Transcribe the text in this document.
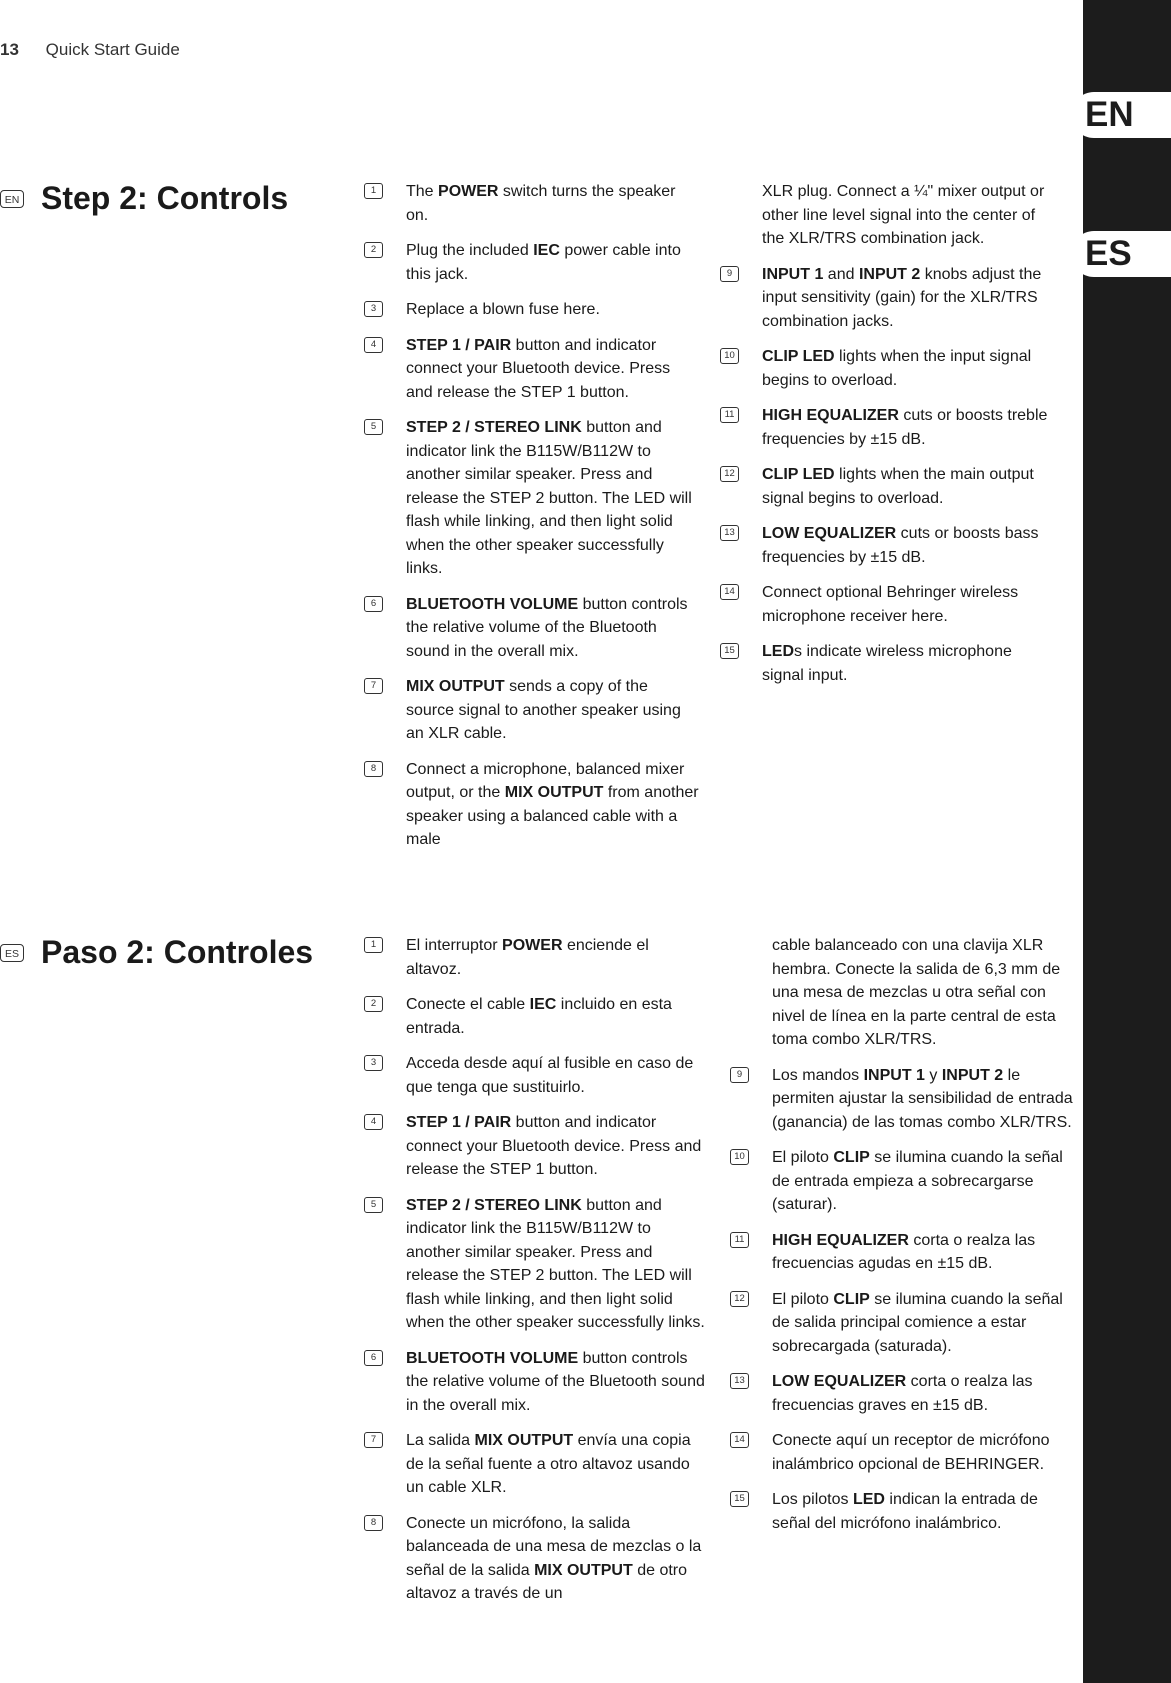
13 Quick Start Guide
EN
ES
EN Step 2: Controls	1	The POWER switch turns the speaker on.
2	Plug the included IEC power cable into this jack.
3	Replace a blown fuse here.
4	STEP 1 / PAIR button and indicator connect your Bluetooth device. Press and release the STEP 1 button.
5	STEP 2 / STEREO LINK button and indicator link the B115W/B112W to another similar speaker. Press and release the STEP 2 button. The LED will flash while linking, and then light solid when the other speaker successfully links.
6	BLUETOOTH VOLUME button controls the relative volume of the Bluetooth sound in the overall mix.
7	MIX OUTPUT sends a copy of the source signal to another speaker using an XLR cable.
8	Connect a microphone, balanced mixer output, or the MIX OUTPUT from another speaker using a balanced cable with a male
XLR plug. Connect a ¼" mixer output or other line level signal into the center of the XLR/TRS combination jack.
9	INPUT 1 and INPUT 2 knobs adjust the input sensitivity (gain) for the XLR/TRS combination jacks.
10 CLIP LED lights when the input signal begins to overload.
11 HIGH EQUALIZER cuts or boosts treble frequencies by ±15 dB.
12 CLIP LED lights when the main output signal begins to overload.
13 LOW EQUALIZER cuts or boosts bass frequencies by ±15 dB.
14 Connect optional Behringer wireless microphone receiver here.
15 LEDs indicate wireless microphone signal input.
ES Paso 2: Controles	1	El interruptor POWER enciende el altavoz.
2	Conecte el cable IEC incluido en esta entrada.
3	Acceda desde aquí al fusible en caso de que tenga que sustituirlo.
4	STEP 1 / PAIR button and indicator connect your Bluetooth device. Press and release the STEP 1 button.
5	STEP 2 / STEREO LINK button and indicator link the B115W/B112W to another similar speaker. Press and release the STEP 2 button. The LED will flash while linking, and then light solid when the other speaker successfully links.
6	BLUETOOTH VOLUME button controls the relative volume of the Bluetooth sound in the overall mix.
7	La salida MIX OUTPUT envía una copia de la señal fuente a otro altavoz usando un cable XLR.
8	Conecte un micrófono, la salida balanceada de una mesa de mezclas o la señal de la salida MIX OUTPUT de otro altavoz a través de un
cable balanceado con una clavija XLR hembra. Conecte la salida de 6,3 mm de una mesa de mezclas u otra señal con nivel de línea en la parte central de esta toma combo XLR/TRS.
9	Los mandos INPUT 1 y INPUT 2 le permiten ajustar la sensibilidad de entrada (ganancia) de las tomas combo XLR/TRS.
10 El piloto CLIP se ilumina cuando la señal de entrada empieza a sobrecargarse (saturar).
11 HIGH EQUALIZER corta o realza las frecuencias agudas en ±15 dB.
12 El piloto CLIP se ilumina cuando la señal de salida principal comience a estar sobrecargada (saturada).
13 LOW EQUALIZER corta o realza las frecuencias graves en ±15 dB.
14 Conecte aquí un receptor de micrófono inalámbrico opcional de BEHRINGER.
15 Los pilotos LED indican la entrada de señal del micrófono inalámbrico.
